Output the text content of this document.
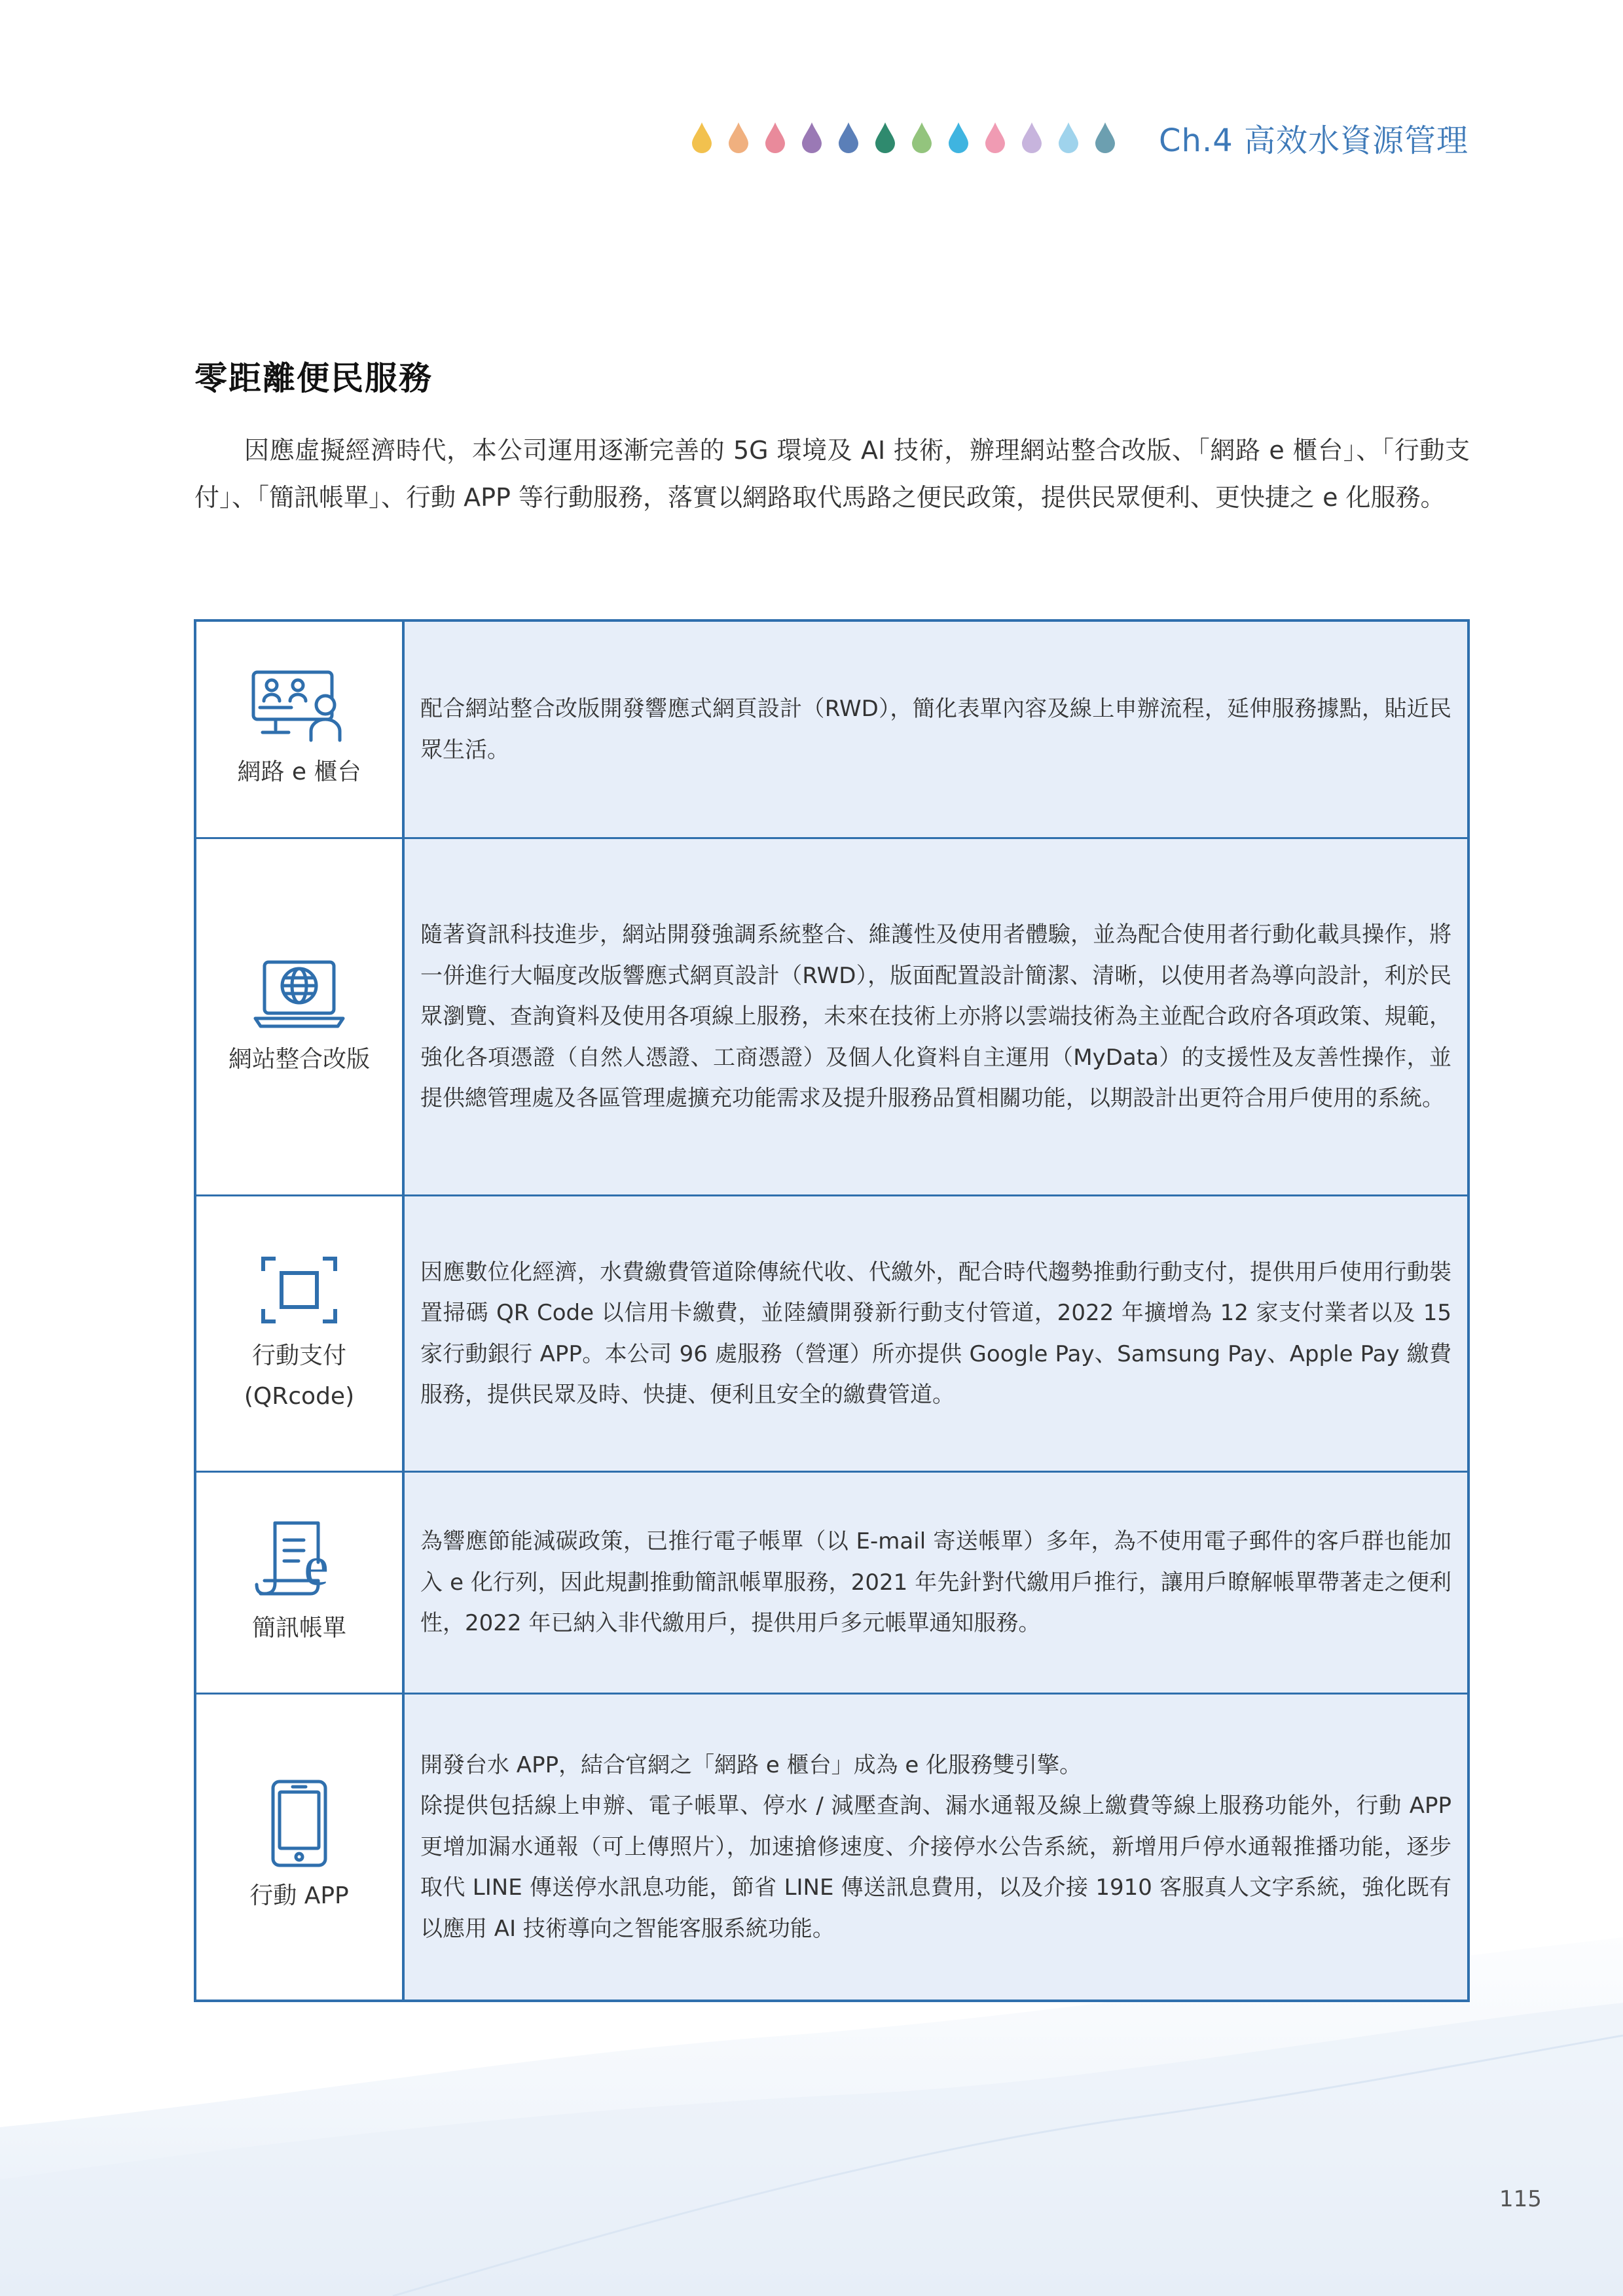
Ch.4 高效水資源管理
零距離便民服務

因應虛擬經濟時代，本公司運用逐漸完善的 5G 環境及 AI 技術，辦理網站整合改版、「網路 e 櫃台」、「行動支付」、「簡訊帳單」、行動 APP 等行動服務，落實以網路取代馬路之便民政策，提供民眾便利、更快捷之 e 化服務。

網路 e 櫃台

配合網站整合改版開發響應式網頁設計（RWD），簡化表單內容及線上申辦流程，延伸服務據點，貼近民眾生活。

網站整合改版

隨著資訊科技進步，網站開發強調系統整合、維護性及使用者體驗，並為配合使用者行動化載具操作，將一併進行大幅度改版響應式網頁設計（RWD），版面配置設計簡潔、清晰，以使用者為導向設計，利於民眾瀏覽、查詢資料及使用各項線上服務，未來在技術上亦將以雲端技術為主並配合政府各項政策、規範，強化各項憑證（自然人憑證、工商憑證）及個人化資料自主運用（MyData）的支援性及友善性操作，並提供總管理處及各區管理處擴充功能需求及提升服務品質相關功能，以期設計出更符合用戶使用的系統。

行動支付
(QRcode)

因應數位化經濟，水費繳費管道除傳統代收、代繳外，配合時代趨勢推動行動支付，提供用戶使用行動裝置掃碼 QR Code 以信用卡繳費，並陸續開發新行動支付管道，2022 年擴增為 12 家支付業者以及 15 家行動銀行 APP。本公司 96 處服務（營運）所亦提供 Google Pay、Samsung Pay、Apple Pay 繳費服務，提供民眾及時、快捷、便利且安全的繳費管道。

e
簡訊帳單

為響應節能減碳政策，已推行電子帳單（以 E-mail 寄送帳單）多年，為不使用電子郵件的客戶群也能加入 e 化行列，因此規劃推動簡訊帳單服務，2021 年先針對代繳用戶推行，讓用戶瞭解帳單帶著走之便利性，2022 年已納入非代繳用戶，提供用戶多元帳單通知服務。

行動 APP

開發台水 APP，結合官網之「網路 e 櫃台」成為 e 化服務雙引擎。

除提供包括線上申辦、電子帳單、停水 / 減壓查詢、漏水通報及線上繳費等線上服務功能外，行動 APP 更增加漏水通報（可上傳照片），加速搶修速度、介接停水公告系統，新增用戶停水通報推播功能，逐步取代 LINE 傳送停水訊息功能，節省 LINE 傳送訊息費用，以及介接 1910 客服真人文字系統，強化既有以應用 AI 技術導向之智能客服系統功能。

115
